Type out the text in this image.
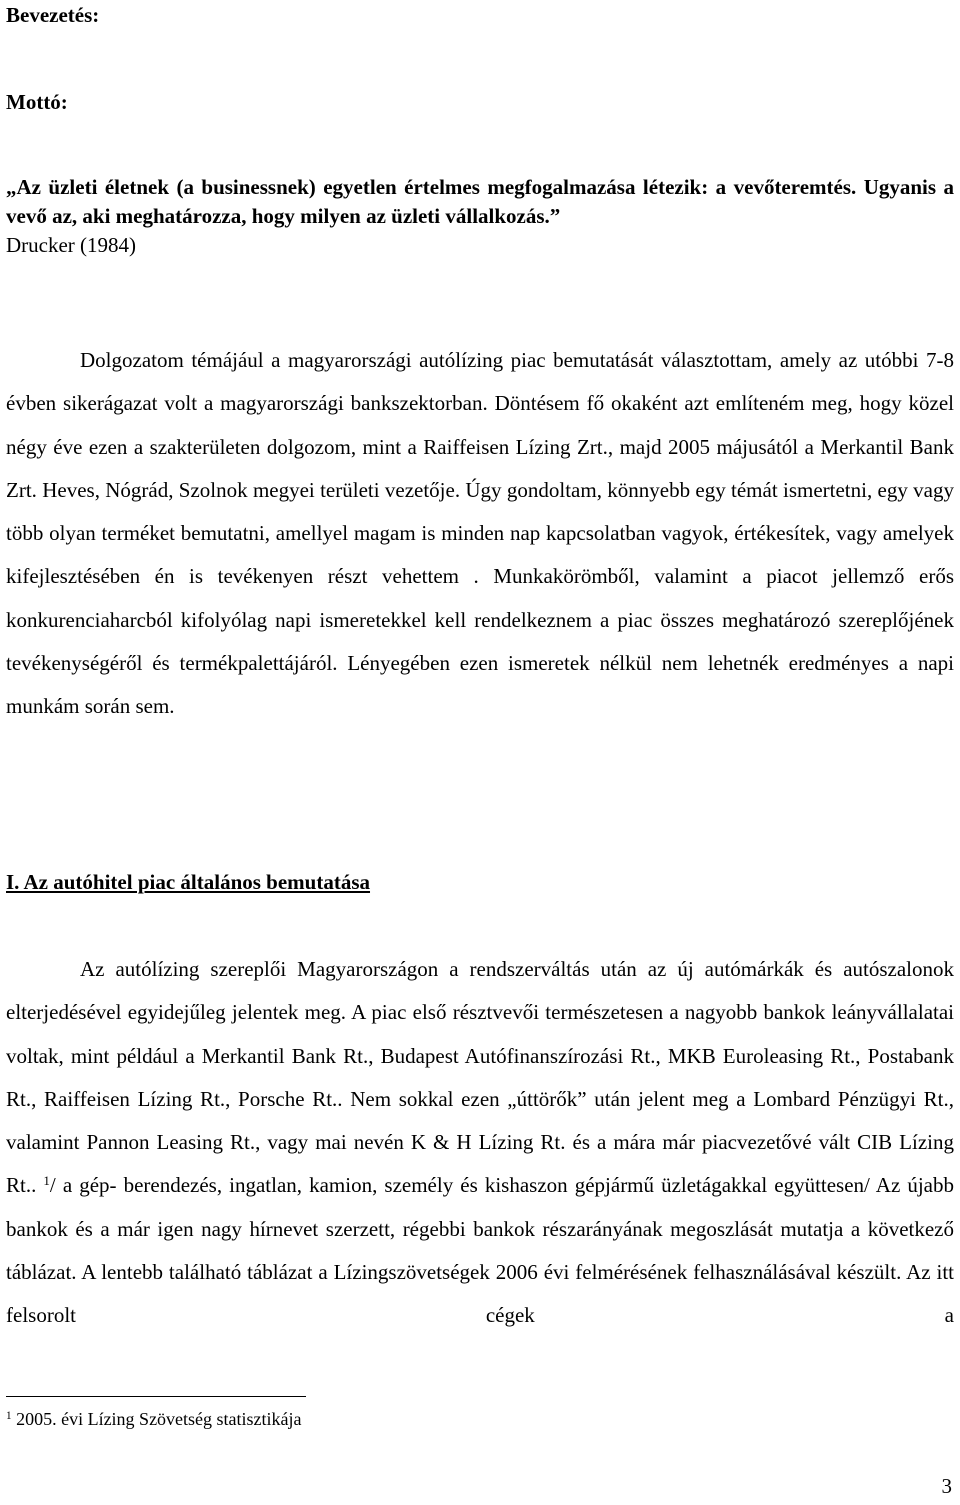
Bevezetés:
Mottó:

„Az üzleti életnek (a businessnek) egyetlen értelmes megfogalmazása létezik: a vevőteremtés. Ugyanis a vevő az, aki meghatározza, hogy milyen az üzleti vállalkozás.”

Drucker (1984)

Dolgozatom témájául a magyarországi autólízing piac bemutatását választottam, amely az utóbbi 7-8 évben sikerágazat volt a magyarországi bankszektorban. Döntésem fő okaként azt említeném meg, hogy közel négy éve ezen a szakterületen dolgozom, mint a Raiffeisen Lízing Zrt., majd 2005 májusától a Merkantil Bank Zrt. Heves, Nógrád, Szolnok megyei területi vezetője. Úgy gondoltam, könnyebb egy témát ismertetni, egy vagy több olyan terméket bemutatni, amellyel magam is minden nap kapcsolatban vagyok, értékesítek, vagy amelyek kifejlesztésében én is tevékenyen részt vehettem . Munkakörömből, valamint a piacot jellemző erős konkurenciaharcból kifolyólag napi ismeretekkel kell rendelkeznem a piac összes meghatározó szereplőjének tevékenységéről és termékpalettájáról. Lényegében ezen ismeretek nélkül nem lehetnék eredményes a napi munkám során sem.

I. Az autóhitel piac általános bemutatása

Az autólízing szereplői Magyarországon a rendszerváltás után az új autómárkák és autószalonok elterjedésével egyidejűleg jelentek meg. A piac első résztvevői természetesen a nagyobb bankok leányvállalatai voltak, mint például a Merkantil Bank Rt., Budapest Autófinanszírozási Rt., MKB Euroleasing Rt., Postabank Rt., Raiffeisen Lízing Rt., Porsche Rt.. Nem sokkal ezen „úttörők” után jelent meg a Lombard Pénzügyi Rt., valamint Pannon Leasing Rt., vagy mai nevén K & H Lízing Rt. és a mára már piacvezetővé vált CIB Lízing Rt.. $^1$/ a gép- berendezés, ingatlan, kamion, személy és kishaszon gépjármű üzletágakkal együttesen/ Az újabb bankok és a már igen nagy hírnevet szerzett, régebbi bankok részarányának megoszlását mutatja a következő táblázat. A lentebb található táblázat a Lízingszövetségek 2006 évi felmérésének felhasználásával készült. Az itt felsorolt cégek a

$^1$ 2005. évi Lízing Szövetség statisztikája

3
